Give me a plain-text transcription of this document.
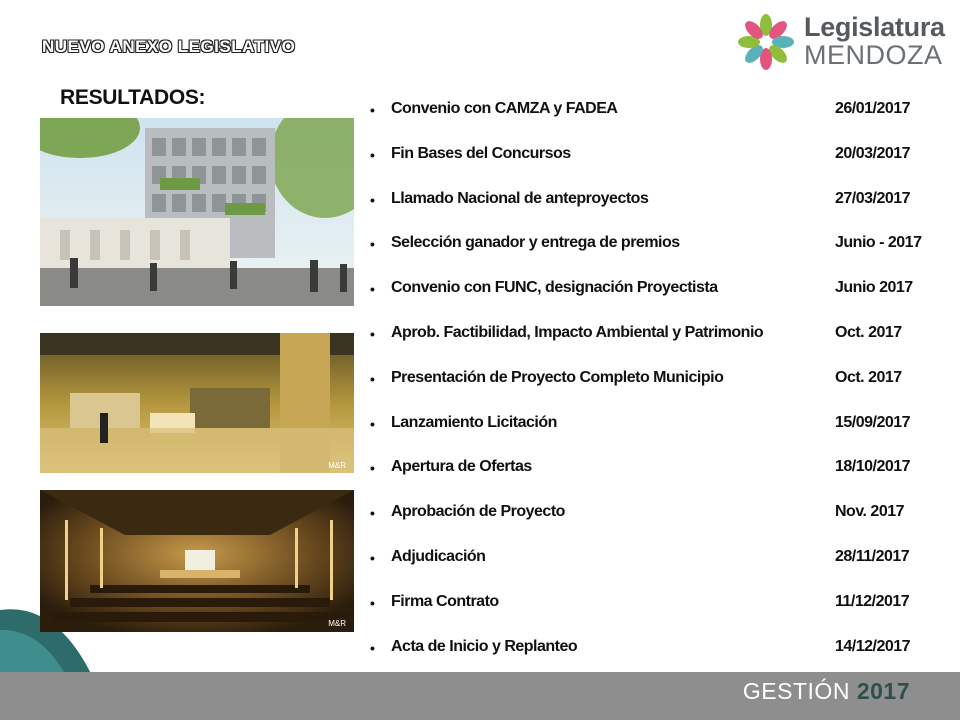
NUEVO ANEXO LEGISLATIVO
Legislatura
MENDOZA
RESULTADOS:
M&R
M&R
• Convenio con CAMZA y FADEA	26/01/2017
• Fin Bases del Concursos	20/03/2017
• Llamado Nacional de anteproyectos	27/03/2017
• Selección ganador y entrega de premios	Junio - 2017
• Convenio con FUNC, designación Proyectista	Junio 2017
• Aprob. Factibilidad, Impacto Ambiental y Patrimonio	Oct. 2017
• Presentación de Proyecto Completo Municipio	Oct. 2017
• Lanzamiento Licitación	15/09/2017
• Apertura de Ofertas	18/10/2017
• Aprobación de Proyecto	Nov. 2017
• Adjudicación	28/11/2017
• Firma Contrato	11/12/2017
• Acta de Inicio y Replanteo	14/12/2017
GESTIÓN 2017
